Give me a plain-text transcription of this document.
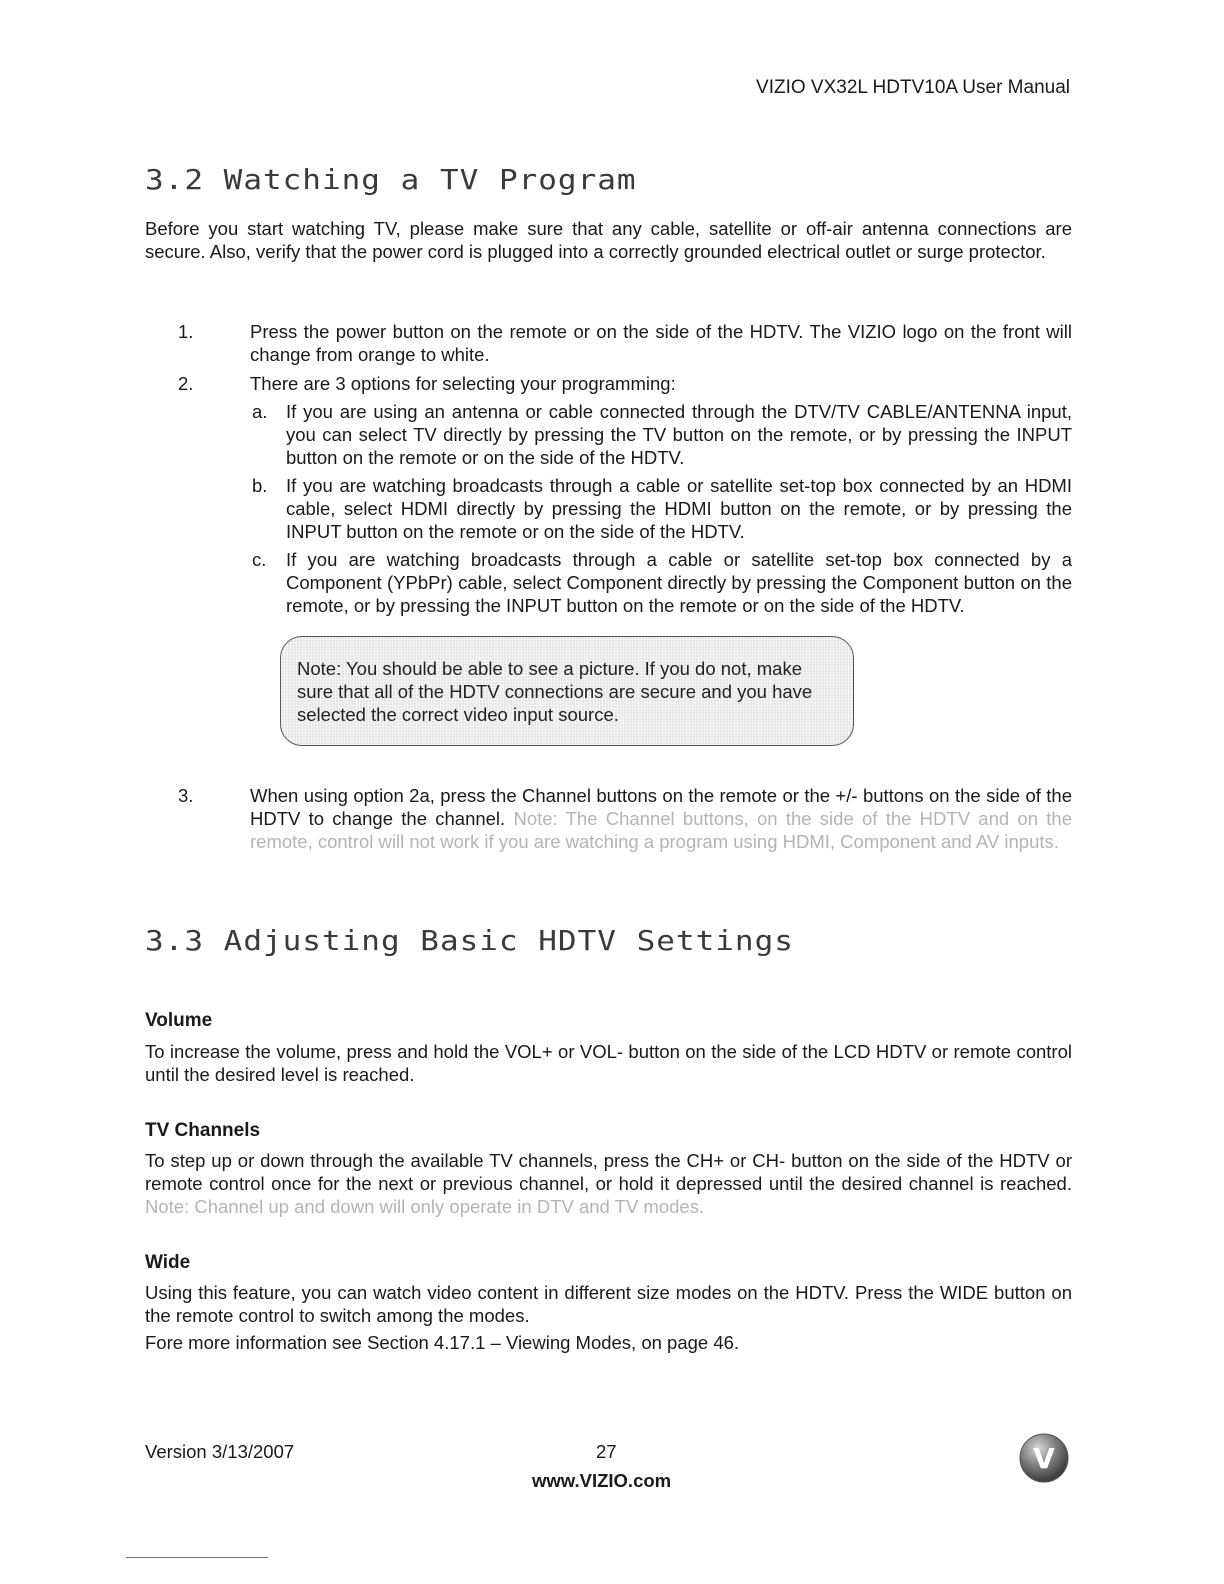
VIZIO VX32L HDTV10A User Manual
3.2 Watching a TV Program
Before you start watching TV, please make sure that any cable, satellite or off-air antenna connections are secure. Also, verify that the power cord is plugged into a correctly grounded electrical outlet or surge protector.
1.	Press the power button on the remote or on the side of the HDTV. The VIZIO logo on the front will change from orange to white.
2.	There are 3 options for selecting your programming:
a. If you are using an antenna or cable connected through the DTV/TV CABLE/ANTENNA input, you can select TV directly by pressing the TV button on the remote, or by pressing the INPUT button on the remote or on the side of the HDTV.
b. If you are watching broadcasts through a cable or satellite set-top box connected by an HDMI cable, select HDMI directly by pressing the HDMI button on the remote, or by pressing the INPUT button on the remote or on the side of the HDTV.
c. If you are watching broadcasts through a cable or satellite set-top box connected by a Component (YPbPr) cable, select Component directly by pressing the Component button on the remote, or by pressing the INPUT button on the remote or on the side of the HDTV.
Note: You should be able to see a picture. If you do not, make sure that all of the HDTV connections are secure and you have selected the correct video input source.
3.	When using option 2a, press the Channel buttons on the remote or the +/- buttons on the side of the HDTV to change the channel. Note: The Channel buttons, on the side of the HDTV and on the remote, control will not work if you are watching a program using HDMI, Component and AV inputs.
3.3 Adjusting Basic HDTV Settings
Volume
To increase the volume, press and hold the VOL+ or VOL- button on the side of the LCD HDTV or remote control until the desired level is reached.
TV Channels
To step up or down through the available TV channels, press the CH+ or CH- button on the side of the HDTV or remote control once for the next or previous channel, or hold it depressed until the desired channel is reached. Note: Channel up and down will only operate in DTV and TV modes.
Wide
Using this feature, you can watch video content in different size modes on the HDTV. Press the WIDE button on the remote control to switch among the modes.
Fore more information see Section 4.17.1 – Viewing Modes, on page 46.
Version 3/13/2007	27
www.VIZIO.com
V
